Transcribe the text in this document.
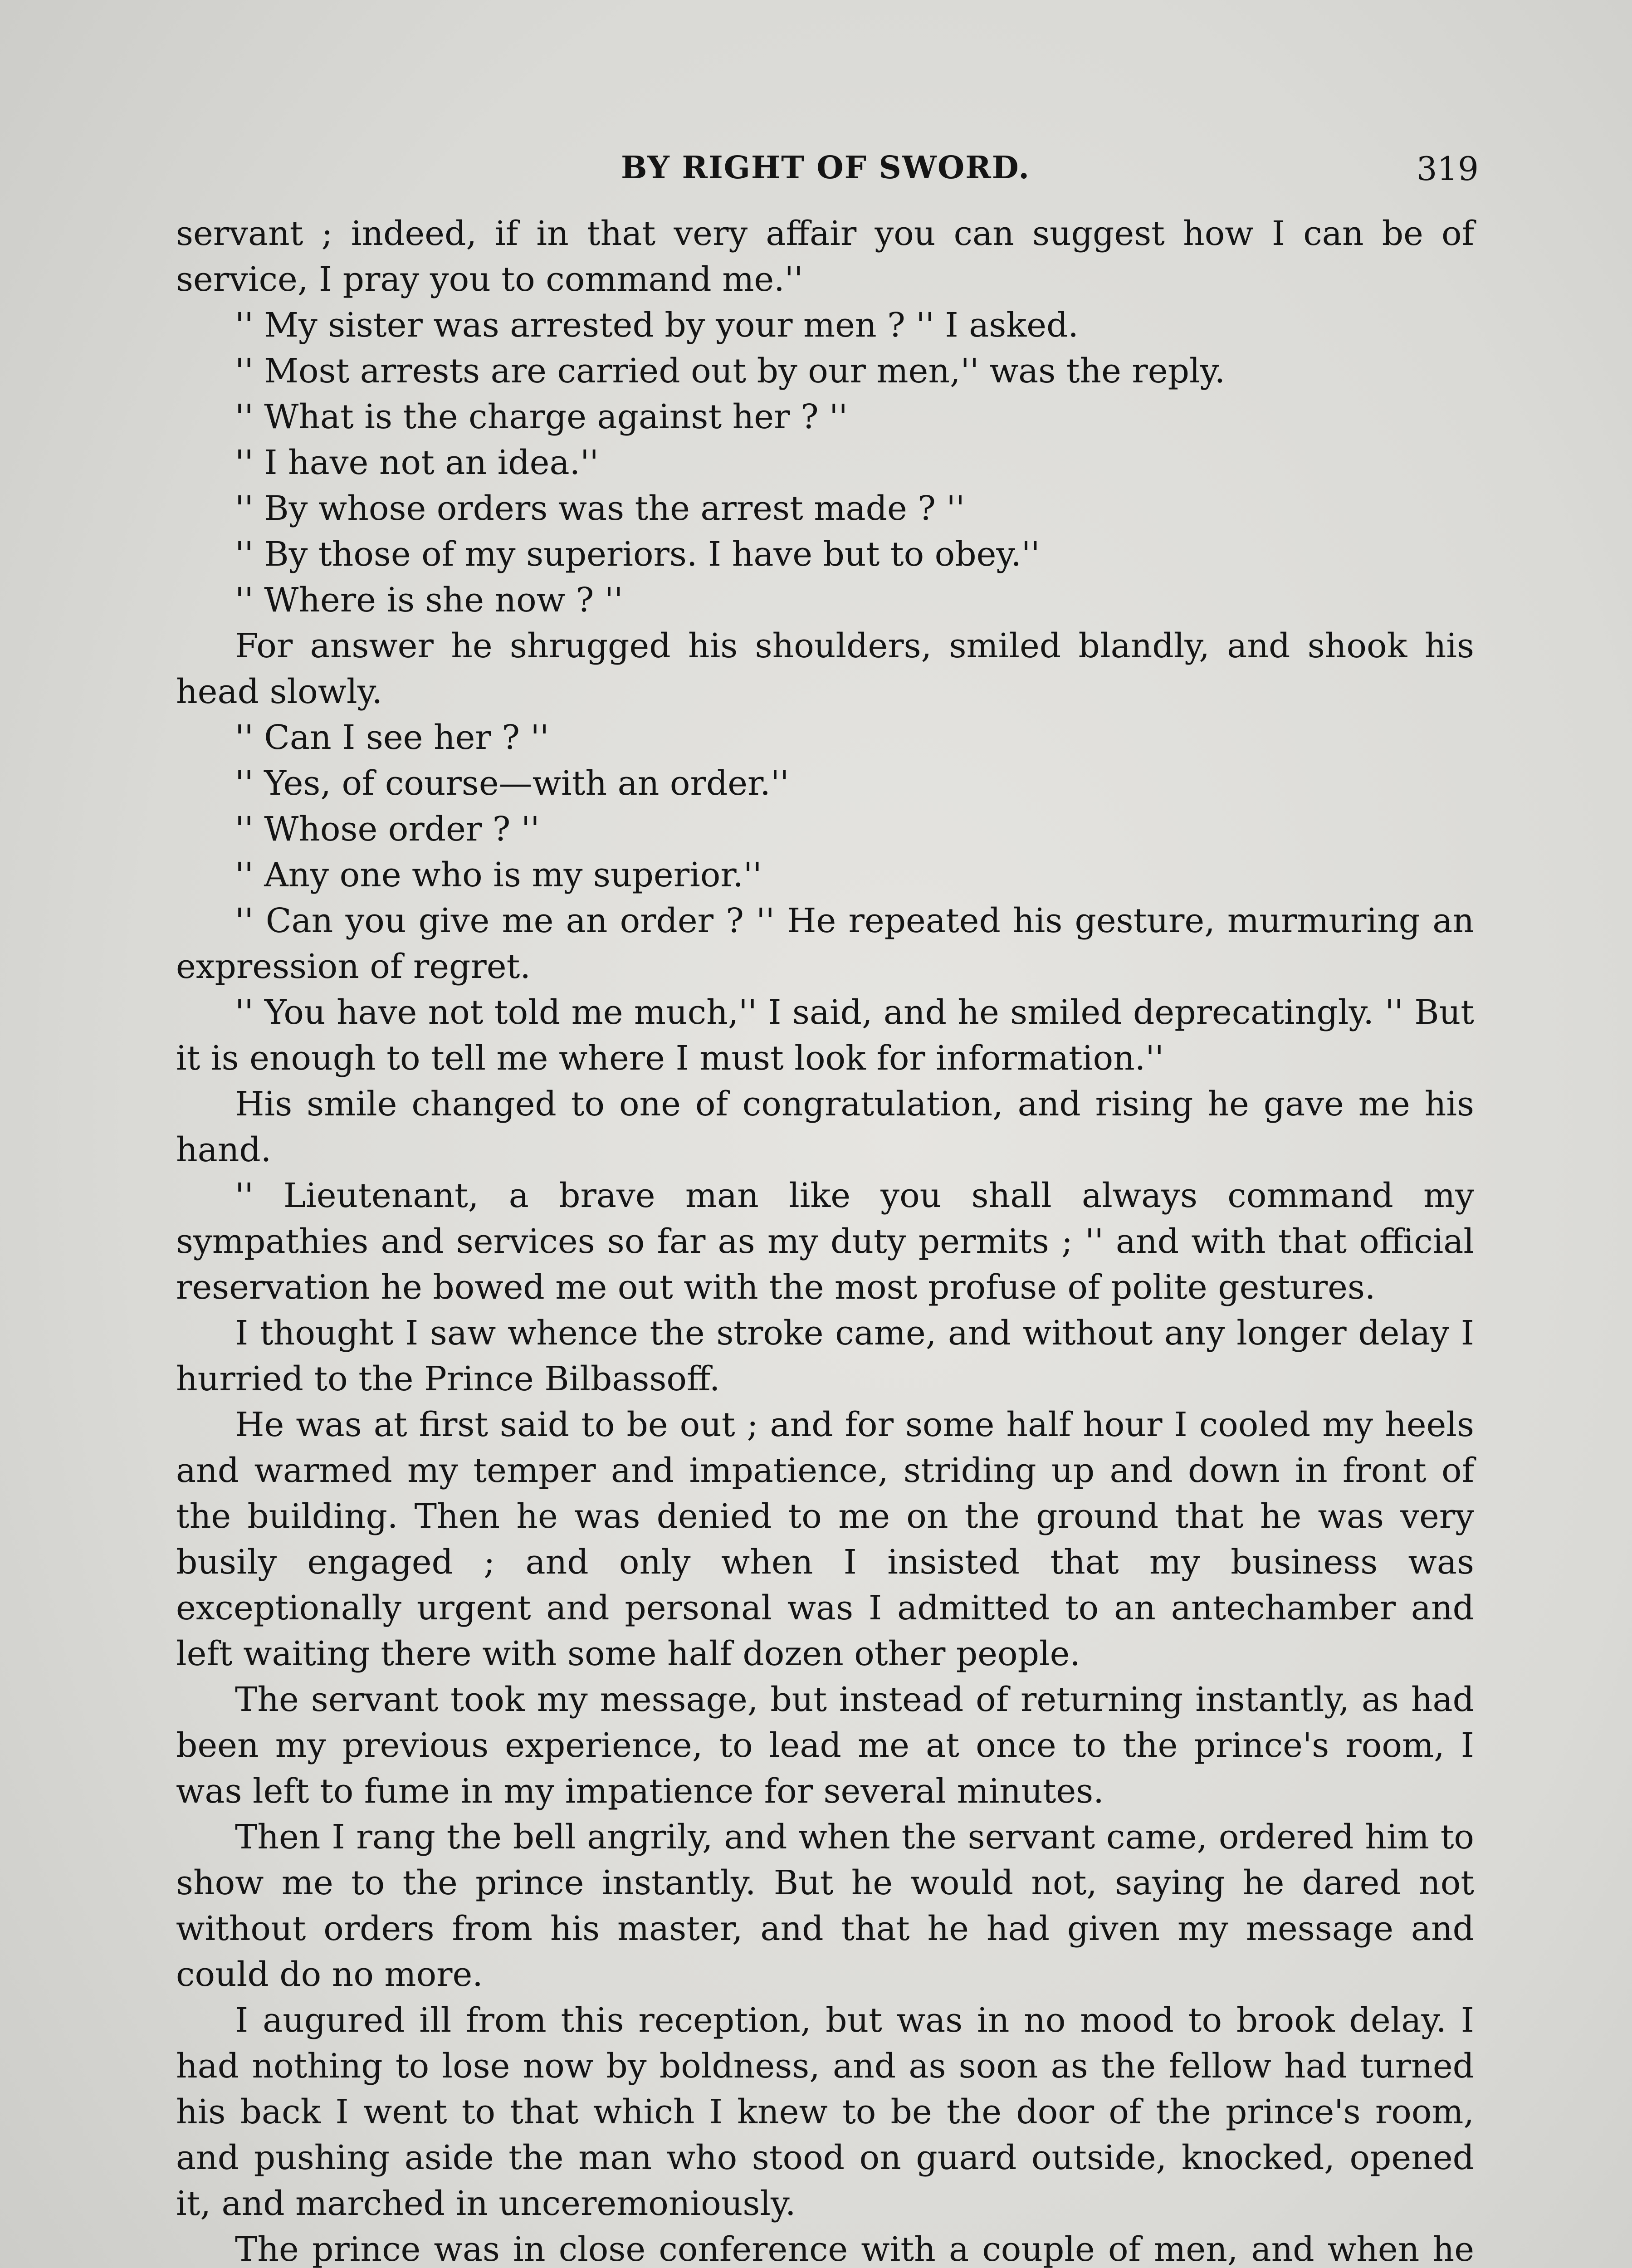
BY RIGHT OF SWORD.	319

servant ; indeed, if in that very affair you can suggest how I can be of service, I pray you to command me.''

'' My sister was arrested by your men ? '' I asked.

'' Most arrests are carried out by our men,'' was the reply.

'' What is the charge against her ? ''

'' I have not an idea.''

'' By whose orders was the arrest made ? ''

'' By those of my superiors. I have but to obey.''

'' Where is she now ? ''

For answer he shrugged his shoulders, smiled blandly, and shook his head slowly.

'' Can I see her ? ''

'' Yes, of course—with an order.''

'' Whose order ? ''

'' Any one who is my superior.''

'' Can you give me an order ? '' He repeated his gesture, murmuring an expression of regret.

'' You have not told me much,'' I said, and he smiled deprecatingly. '' But it is enough to tell me where I must look for information.''

His smile changed to one of congratulation, and rising he gave me his hand.

'' Lieutenant, a brave man like you shall always command my sympathies and services so far as my duty permits ; '' and with that official reservation he bowed me out with the most profuse of polite gestures.

I thought I saw whence the stroke came, and without any longer delay I hurried to the Prince Bilbassoff.

He was at first said to be out ; and for some half hour I cooled my heels and warmed my temper and impatience, striding up and down in front of the building. Then he was denied to me on the ground that he was very busily engaged ; and only when I insisted that my business was exceptionally urgent and personal was I admitted to an antechamber and left waiting there with some half dozen other people.

The servant took my message, but instead of returning instantly, as had been my previous experience, to lead me at once to the prince's room, I was left to fume in my impatience for several minutes.

Then I rang the bell angrily, and when the servant came, ordered him to show me to the prince instantly. But he would not, saying he dared not without orders from his master, and that he had given my message and could do no more.

I augured ill from this reception, but was in no mood to brook delay. I had nothing to lose now by boldness, and as soon as the fellow had turned his back I went to that which I knew to be the door of the prince's room, and pushing aside the man who stood on guard outside, knocked, opened it, and marched in unceremoniously.

The prince was in close conference with a couple of men, and when he
